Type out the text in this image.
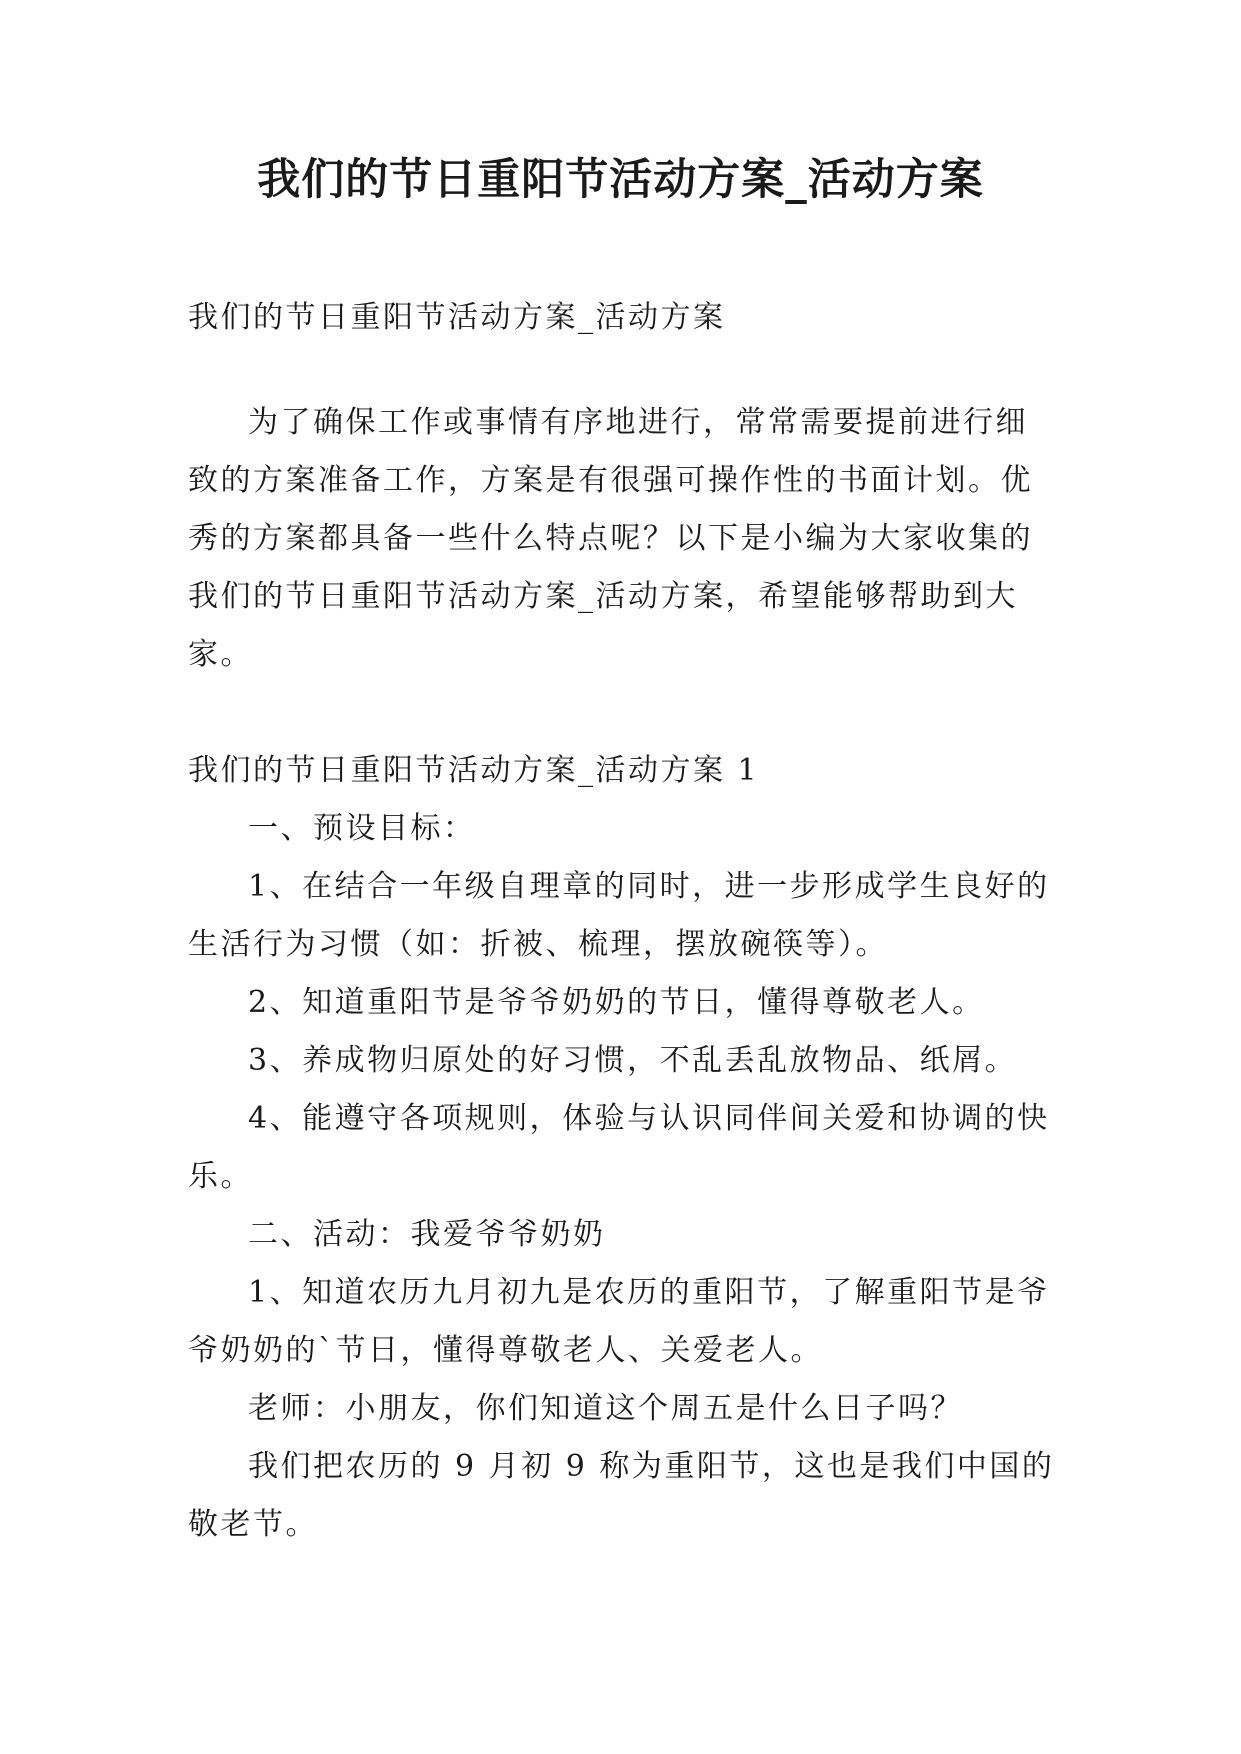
我们的节日重阳节活动方案_活动方案

我们的节日重阳节活动方案_活动方案

为了确保工作或事情有序地进行，常常需要提前进行细致的方案准备工作，方案是有很强可操作性的书面计划。优秀的方案都具备一些什么特点呢？以下是小编为大家收集的我们的节日重阳节活动方案_活动方案，希望能够帮助到大家。

我们的节日重阳节活动方案_活动方案 1

一、预设目标：

1、在结合一年级自理章的同时，进一步形成学生良好的生活行为习惯（如：折被、梳理，摆放碗筷等）。

2、知道重阳节是爷爷奶奶的节日，懂得尊敬老人。

3、养成物归原处的好习惯，不乱丢乱放物品、纸屑。

4、能遵守各项规则，体验与认识同伴间关爱和协调的快乐。

二、活动：我爱爷爷奶奶

1、知道农历九月初九是农历的重阳节，了解重阳节是爷爷奶奶的`节日，懂得尊敬老人、关爱老人。

老师：小朋友，你们知道这个周五是什么日子吗？

我们把农历的 9 月初 9 称为重阳节，这也是我们中国的敬老节。
